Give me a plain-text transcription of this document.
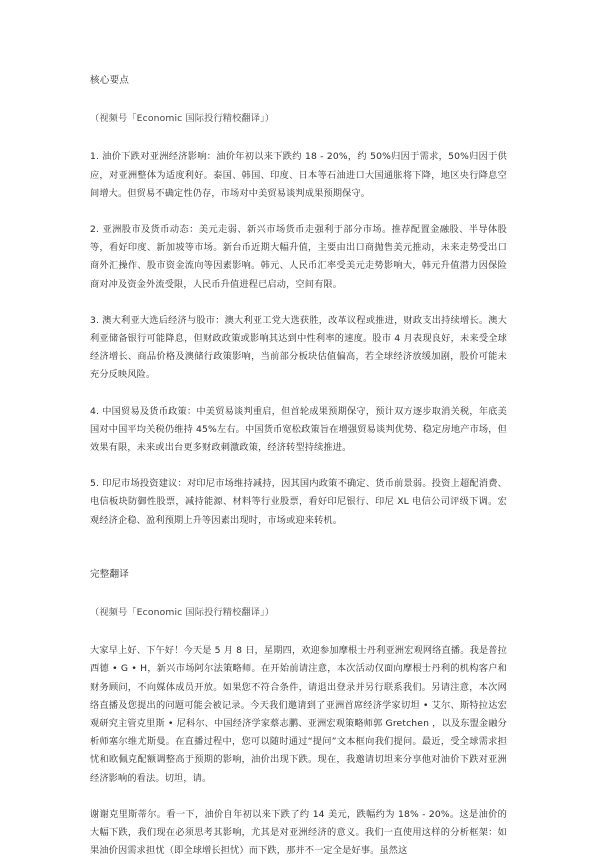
核心要点

（视频号「Economic 国际投行精校翻译」）

1. 油价下跌对亚洲经济影响：油价年初以来下跌约 18 - 20%，约 50%归因于需求，50%归因于供应，对亚洲整体为适度利好。泰国、韩国、印度、日本等石油进口大国通胀将下降，地区央行降息空间增大。但贸易不确定性仍存，市场对中美贸易谈判成果预期保守。

2. 亚洲股市及货币动态：美元走弱、新兴市场货币走强利于部分市场。推荐配置金融股、半导体股等，看好印度、新加坡等市场。新台币近期大幅升值，主要由出口商抛售美元推动，未来走势受出口商外汇操作、股市资金流向等因素影响。韩元、人民币汇率受美元走势影响大，韩元升值潜力因保险商对冲及资金外流受限，人民币升值进程已启动，空间有限。

3. 澳大利亚大选后经济与股市：澳大利亚工党大选获胜，改革议程或推进，财政支出持续增长。澳大利亚储备银行可能降息，但财政政策或影响其达到中性利率的速度。股市 4 月表现良好，未来受全球经济增长、商品价格及澳储行政策影响，当前部分板块估值偏高，若全球经济放缓加剧，股价可能未充分反映风险。

4. 中国贸易及货币政策：中美贸易谈判重启，但首轮成果预期保守，预计双方逐步取消关税，年底美国对中国平均关税仍维持 45%左右。中国货币宽松政策旨在增强贸易谈判优势、稳定房地产市场，但效果有限，未来或出台更多财政刺激政策，经济转型持续推进。

5. 印尼市场投资建议：对印尼市场维持减持，因其国内政策不确定、货币前景弱。投资上超配消费、电信板块防御性股票，减持能源、材料等行业股票，看好印尼银行、印尼 XL 电信公司评级下调。宏观经济企稳、盈利预期上升等因素出现时，市场或迎来转机。

完整翻译

（视频号「Economic 国际投行精校翻译」）

大家早上好、下午好！今天是 5 月 8 日，星期四，欢迎参加摩根士丹利亚洲宏观网络直播。我是普拉西德 • G • H，新兴市场阿尔法策略师。在开始前请注意，本次活动仅面向摩根士丹利的机构客户和财务顾问，不向媒体成员开放。如果您不符合条件，请退出登录并另行联系我们。另请注意，本次网络直播及您提出的问题可能会被记录。今天我们邀请到了亚洲首席经济学家切坦 • 艾尔、斯特拉达宏观研究主管克里斯 • 尼科尔、中国经济学家蔡志鹏、亚洲宏观策略师郭 Gretchen ，以及东盟金融分析师塞尔维尤斯曼。在直播过程中，您可以随时通过“提问”文本框向我们提问。最近，受全球需求担忧和欧佩克配额调整高于预期的影响，油价出现下跌。现在，我邀请切坦来分享他对油价下跌对亚洲经济影响的看法。切坦，请。

谢谢克里斯蒂尔。看一下，油价自年初以来下跌了约 14 美元，跌幅约为 18% - 20%。这是油价的大幅下跌，我们现在必须思考其影响，尤其是对亚洲经济的意义。我们一直使用这样的分析框架：如果油价因需求担忧（即全球增长担忧）而下跌，那并不一定全是好事。虽然这
